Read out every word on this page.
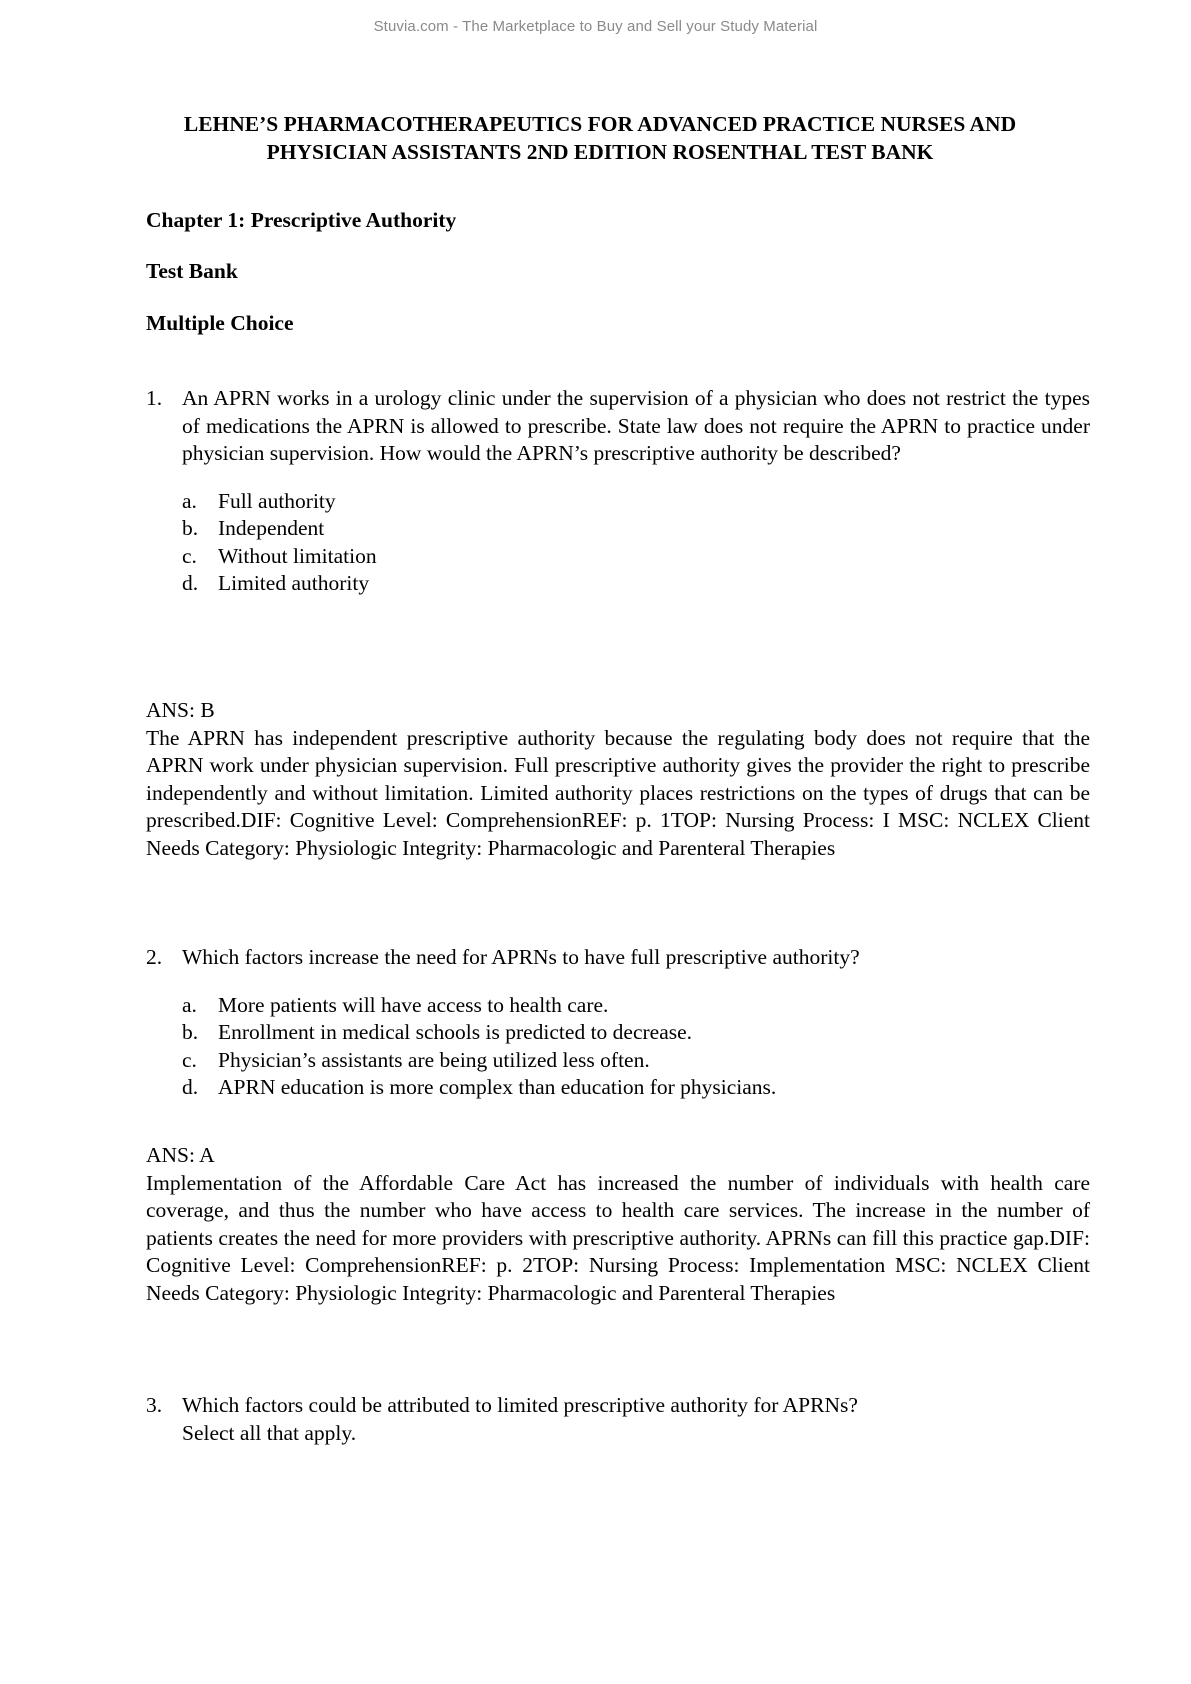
Stuvia.com - The Marketplace to Buy and Sell your Study Material
LEHNE’S PHARMACOTHERAPEUTICS FOR ADVANCED PRACTICE NURSES AND
PHYSICIAN ASSISTANTS 2ND EDITION ROSENTHAL TEST BANK
Chapter 1: Prescriptive Authority
Test Bank
Multiple Choice
1. An APRN works in a urology clinic under the supervision of a physician who does not restrict the types of medications the APRN is allowed to prescribe. State law does not require the APRN to practice under physician supervision. How would the APRN’s prescriptive authority be described?
a. Full authority
b. Independent
c. Without limitation
d. Limited authority
ANS: B
The APRN has independent prescriptive authority because the regulating body does not require that the APRN work under physician supervision. Full prescriptive authority gives the provider the right to prescribe independently and without limitation. Limited authority places restrictions on the types of drugs that can be prescribed.DIF: Cognitive Level: ComprehensionREF: p. 1TOP: Nursing Process: I MSC: NCLEX Client Needs Category: Physiologic Integrity: Pharmacologic and Parenteral Therapies
2. Which factors increase the need for APRNs to have full prescriptive authority?
a. More patients will have access to health care.
b. Enrollment in medical schools is predicted to decrease.
c. Physician’s assistants are being utilized less often.
d. APRN education is more complex than education for physicians.
ANS: A
Implementation of the Affordable Care Act has increased the number of individuals with health care coverage, and thus the number who have access to health care services. The increase in the number of patients creates the need for more providers with prescriptive authority. APRNs can fill this practice gap.DIF: Cognitive Level: ComprehensionREF: p. 2TOP: Nursing Process: Implementation MSC: NCLEX Client Needs Category: Physiologic Integrity: Pharmacologic and Parenteral Therapies
3. Which factors could be attributed to limited prescriptive authority for APRNs?
Select all that apply.
